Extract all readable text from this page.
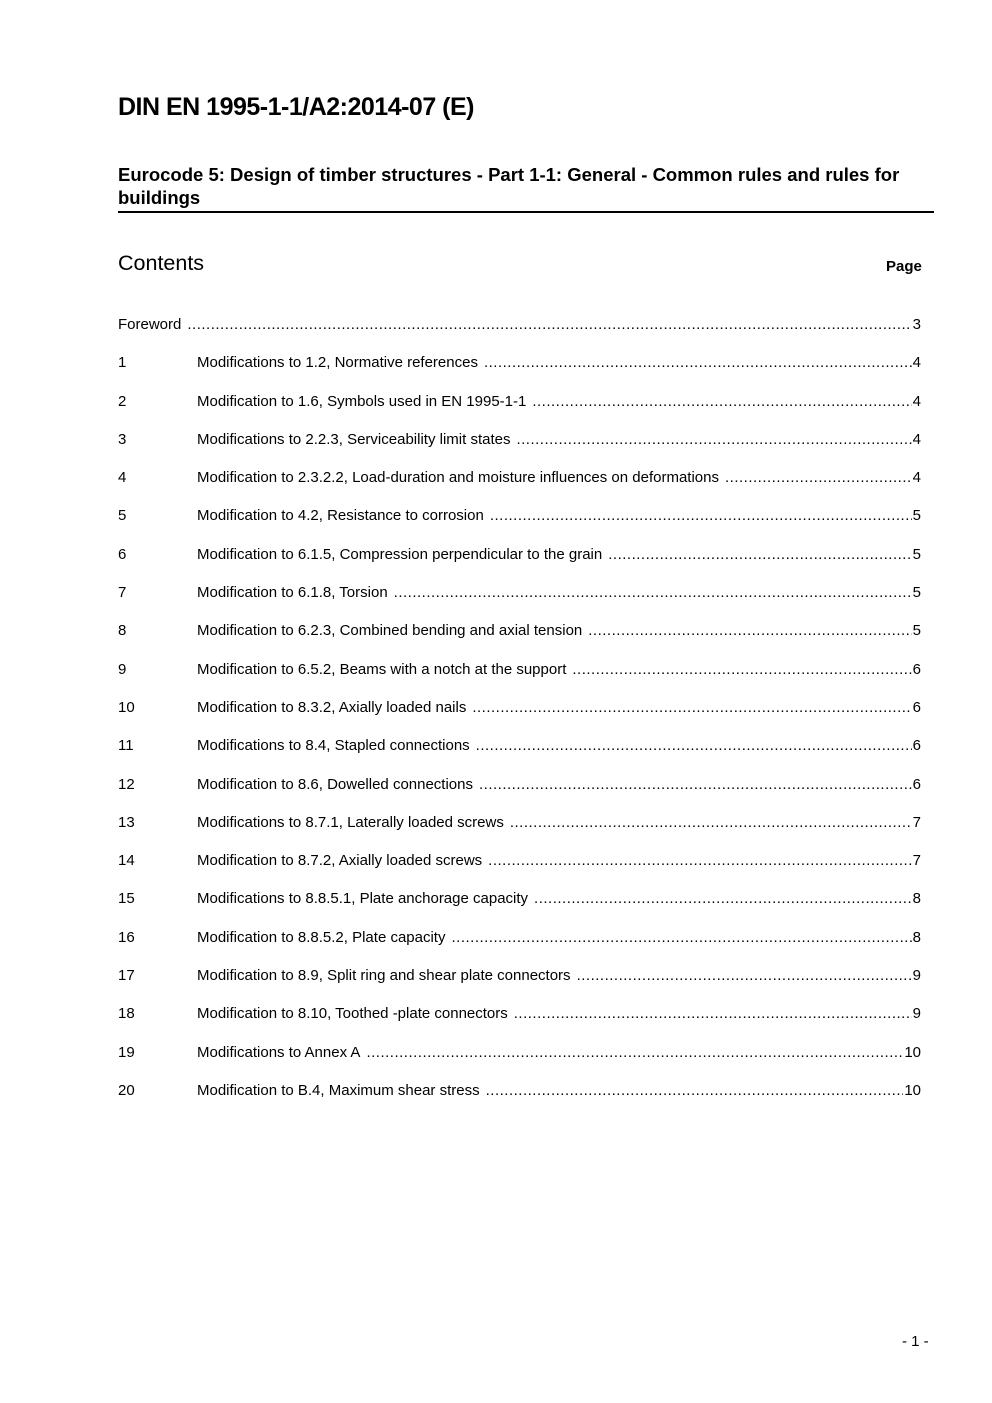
DIN EN 1995-1-1/A2:2014-07 (E)
Eurocode 5: Design of timber structures - Part 1-1: General - Common rules and rules for buildings
Contents	Page
Foreword .....	3
1	Modifications to 1.2, Normative references .....	4
2	Modification to 1.6, Symbols used in EN 1995-1-1 .....	4
3	Modifications to 2.2.3, Serviceability limit states .....	4
4	Modification to 2.3.2.2, Load-duration and moisture influences on deformations .....	4
5	Modification to 4.2, Resistance to corrosion .....	5
6	Modification to 6.1.5, Compression perpendicular to the grain .....	5
7	Modification to 6.1.8, Torsion .....	5
8	Modification to 6.2.3, Combined bending and axial tension .....	5
9	Modification to 6.5.2, Beams with a notch at the support .....	6
10	Modification to 8.3.2, Axially loaded nails .....	6
11	Modifications to 8.4, Stapled connections .....	6
12	Modification to 8.6, Dowelled connections .....	6
13	Modifications to 8.7.1, Laterally loaded screws .....	7
14	Modification to 8.7.2, Axially loaded screws .....	7
15	Modifications to 8.8.5.1, Plate anchorage capacity .....	8
16	Modification to 8.8.5.2, Plate capacity .....	8
17	Modification to 8.9, Split ring and shear plate connectors .....	9
18	Modification to 8.10, Toothed -plate connectors .....	9
19	Modifications to Annex A .....	10
20	Modification to B.4, Maximum shear stress .....	10
- 1 -
